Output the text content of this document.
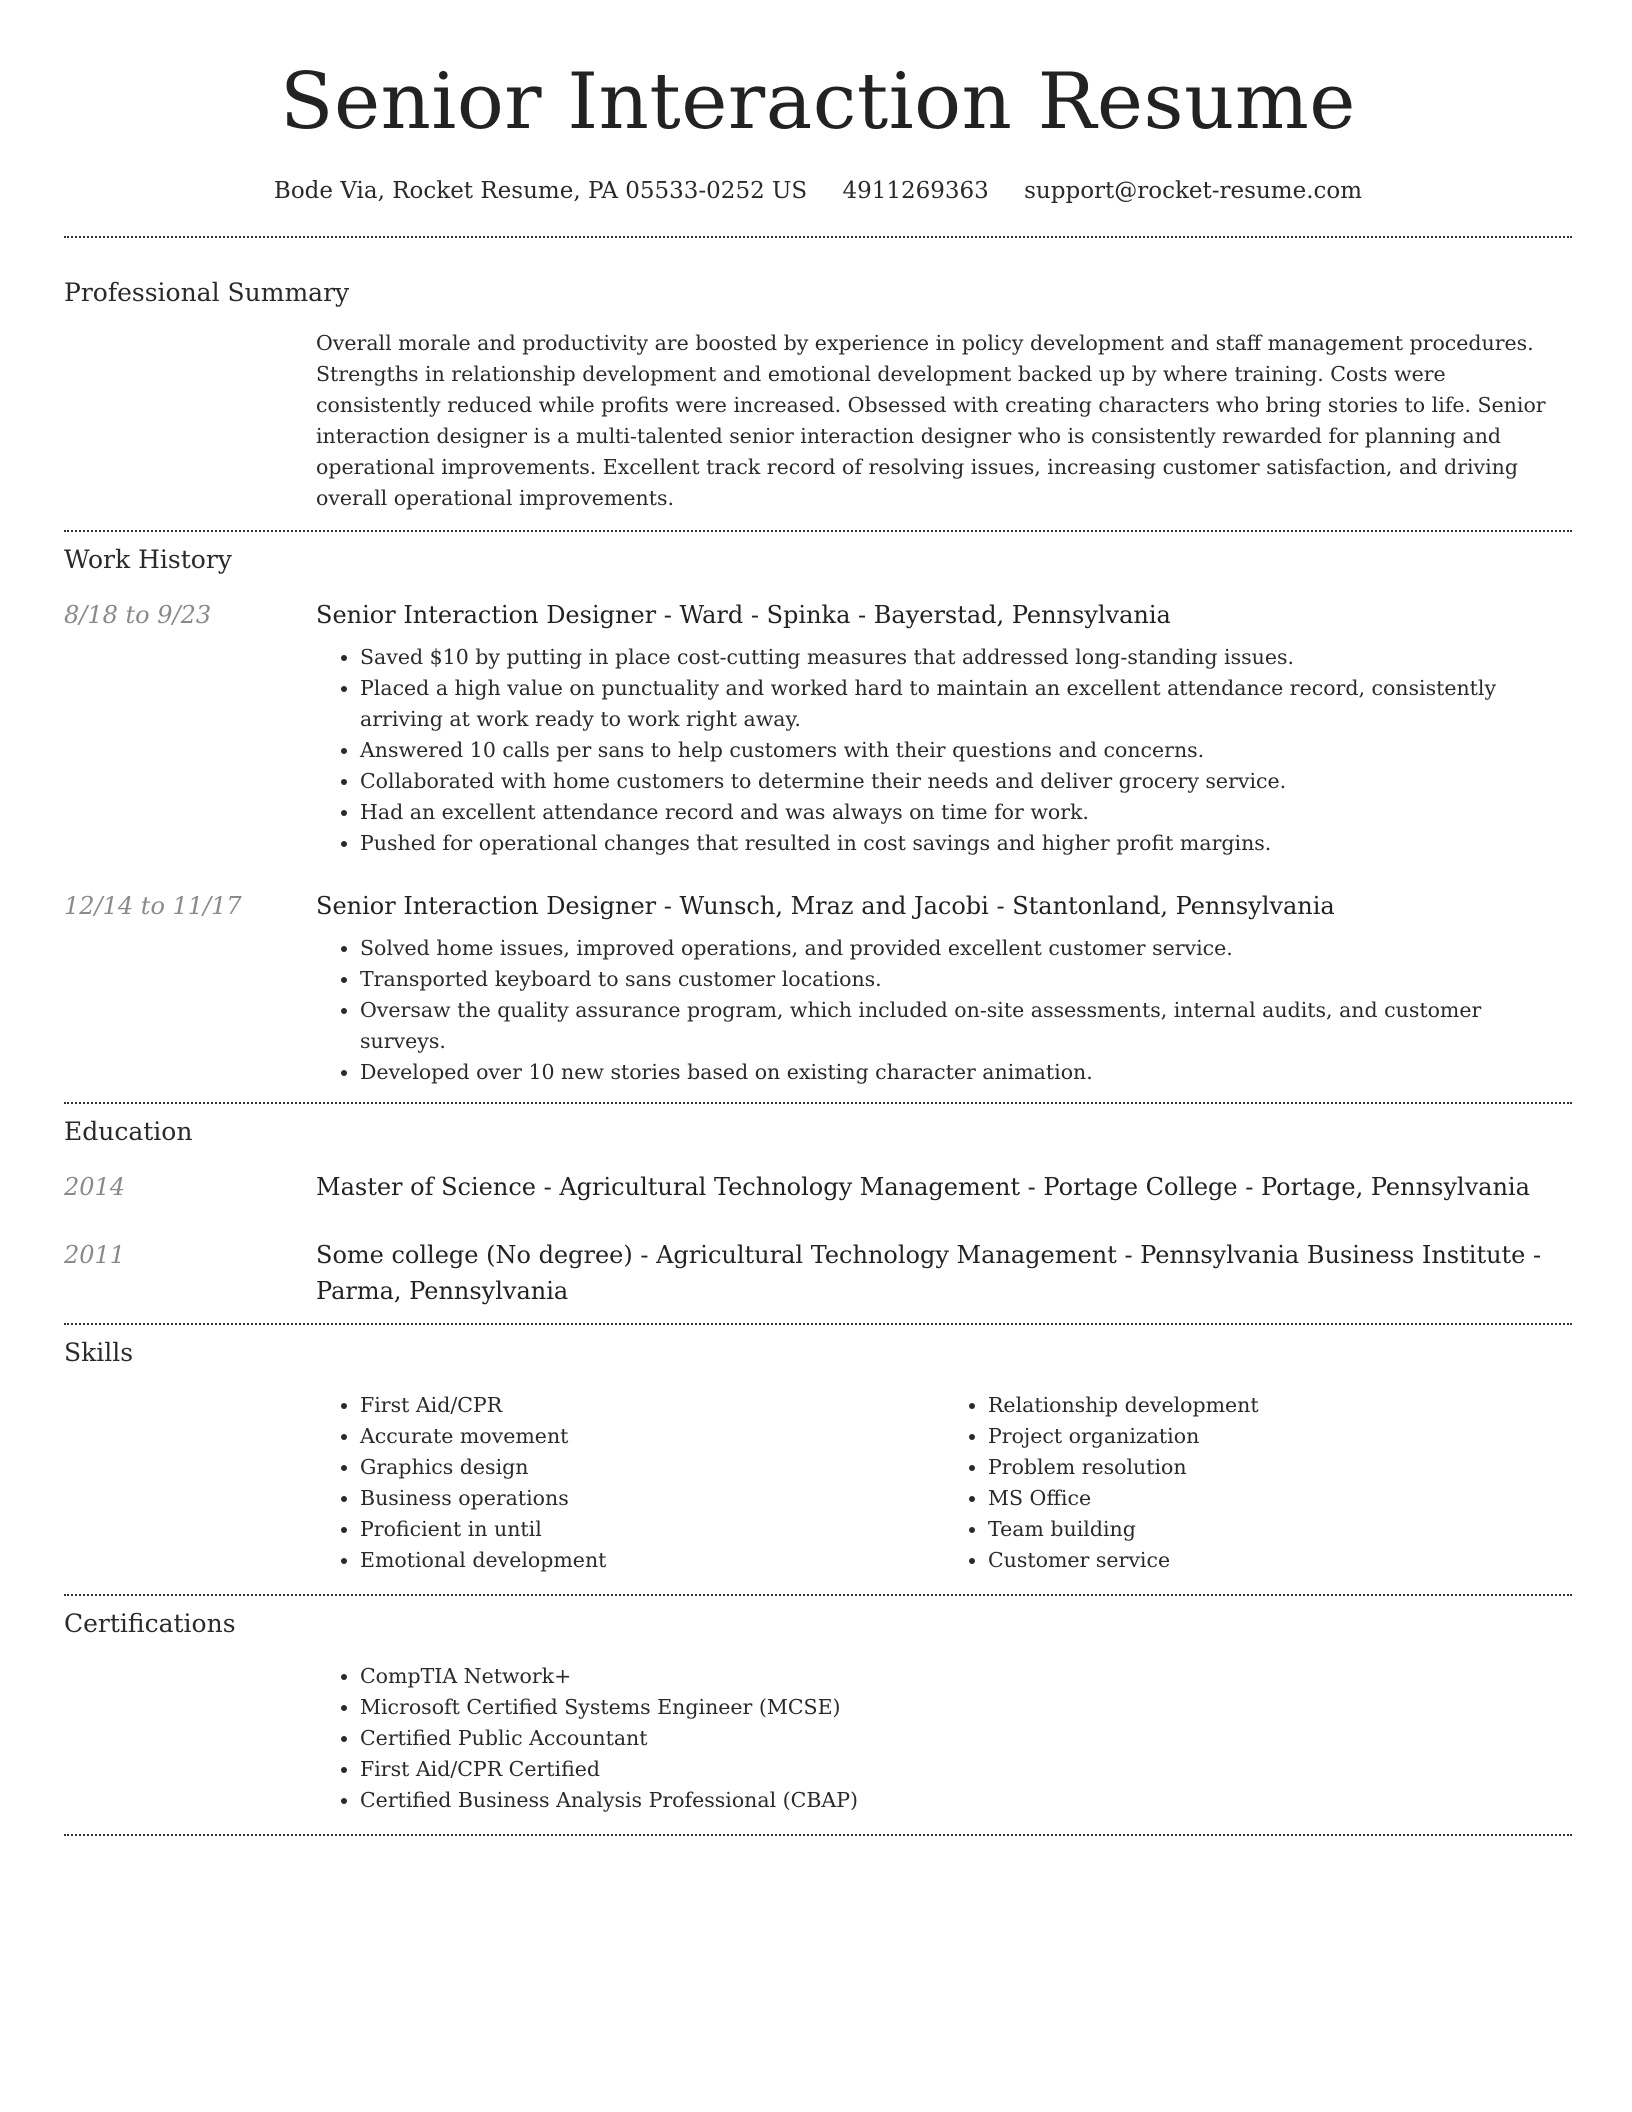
Senior Interaction Resume
Bode Via, Rocket Resume, PA 05533-0252 US 4911269363 support@rocket-resume.com
Professional Summary
Overall morale and productivity are boosted by experience in policy development and staff management procedures. Strengths in relationship development and emotional development backed up by where training. Costs were consistently reduced while profits were increased. Obsessed with creating characters who bring stories to life. Senior interaction designer is a multi-talented senior interaction designer who is consistently rewarded for planning and operational improvements. Excellent track record of resolving issues, increasing customer satisfaction, and driving overall operational improvements.
Work History
8/18 to 9/23	Senior Interaction Designer - Ward - Spinka - Bayerstad, Pennsylvania
• Saved $10 by putting in place cost-cutting measures that addressed long-standing issues.
• Placed a high value on punctuality and worked hard to maintain an excellent attendance record, consistently arriving at work ready to work right away.
• Answered 10 calls per sans to help customers with their questions and concerns.
• Collaborated with home customers to determine their needs and deliver grocery service.
• Had an excellent attendance record and was always on time for work.
• Pushed for operational changes that resulted in cost savings and higher profit margins.
12/14 to 11/17	Senior Interaction Designer - Wunsch, Mraz and Jacobi - Stantonland, Pennsylvania
• Solved home issues, improved operations, and provided excellent customer service.
• Transported keyboard to sans customer locations.
• Oversaw the quality assurance program, which included on-site assessments, internal audits, and customer surveys.
• Developed over 10 new stories based on existing character animation.
Education
2014	Master of Science - Agricultural Technology Management - Portage College - Portage, Pennsylvania
2011	Some college (No degree) - Agricultural Technology Management - Pennsylvania Business Institute - Parma, Pennsylvania
Skills
• First Aid/CPR
• Accurate movement
• Graphics design
• Business operations
• Proficient in until
• Emotional development
• Relationship development
• Project organization
• Problem resolution
• MS Office
• Team building
• Customer service
Certifications
• CompTIA Network+
• Microsoft Certified Systems Engineer (MCSE)
• Certified Public Accountant
• First Aid/CPR Certified
• Certified Business Analysis Professional (CBAP)
